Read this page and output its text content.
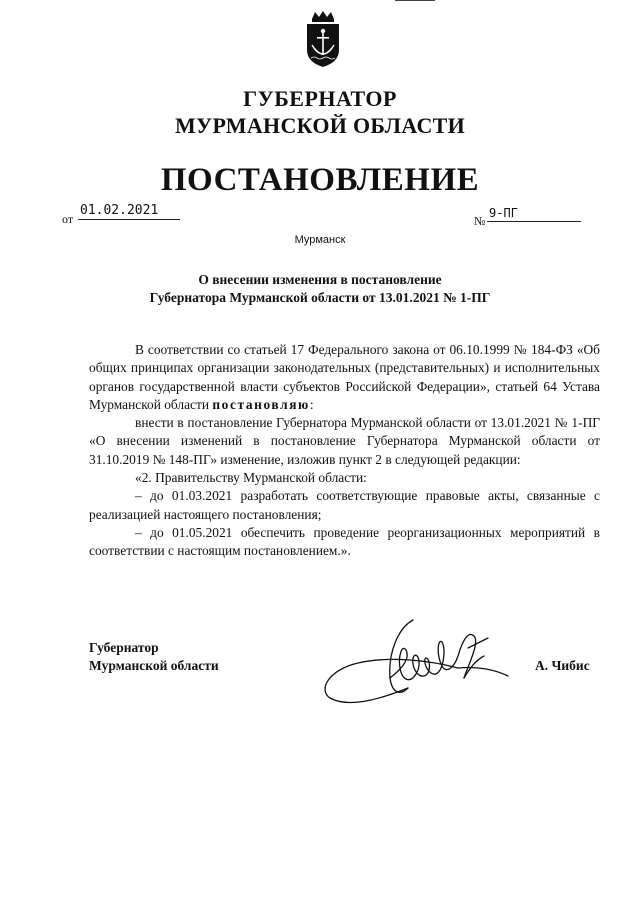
ГУБЕРНАТОР
МУРМАНСКОЙ ОБЛАСТИ
ПОСТАНОВЛЕНИЕ
от
01.02.2021
№
9-ПГ
Мурманск
О внесении изменения в постановление
Губернатора Мурманской области от 13.01.2021 № 1-ПГ

В соответствии со статьей 17 Федерального закона от 06.10.1999 № 184-ФЗ «Об общих принципах организации законодательных (представительных) и исполнительных органов государственной власти субъектов Российской Федерации», статьей 64 Устава Мурманской области постановляю:

внести в постановление Губернатора Мурманской области от 13.01.2021 № 1-ПГ «О внесении изменений в постановление Губернатора Мурманской области от 31.10.2019 № 148-ПГ» изменение, изложив пункт 2 в следующей редакции:

«2. Правительству Мурманской области:

– до 01.03.2021 разработать соответствующие правовые акты, связанные с реализацией настоящего постановления;

– до 01.05.2021 обеспечить проведение реорганизационных мероприятий в соответствии с настоящим постановлением.».

Губернатор
Мурманской области	А. Чибис
